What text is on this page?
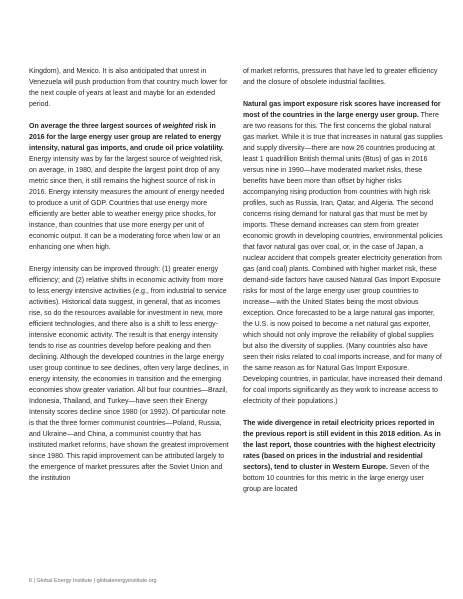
Kingdom), and Mexico. It is also anticipated that unrest in Venezuela will push production from that country much lower for the next couple of years at least and maybe for an extended period.

On average the three largest sources of weighted risk in 2016 for the large energy user group are related to energy intensity, natural gas imports, and crude oil price volatility. Energy intensity was by far the largest source of weighted risk, on average, in 1980, and despite the largest point drop of any metric since then, it still remains the highest source of risk in 2016. Energy intensity measures the amount of energy needed to produce a unit of GDP. Countries that use energy more efficiently are better able to weather energy price shocks, for instance, than countries that use more energy per unit of economic output. It can be a moderating force when low or an enhancing one when high.

Energy intensity can be improved through: (1) greater energy efficiency; and (2) relative shifts in economic activity from more to less energy intensive activities (e.g., from industrial to service activities). Historical data suggest, in general, that as incomes rise, so do the resources available for investment in new, more efficient technologies, and there also is a shift to less energy-intensive economic activity. The result is that energy intensity tends to rise as countries develop before peaking and then declining. Although the developed countries in the large energy user group continue to see declines, often very large declines, in energy intensity, the economies in transition and the emerging economies show greater variation. All but four countries—Brazil, Indonesia, Thailand, and Turkey—have seen their Energy Intensity scores decline since 1980 (or 1992). Of particular note is that the three former communist countries—Poland, Russia, and Ukraine—and China, a communist country that has instituted market reforms, have shown the greatest improvement since 1980. This rapid improvement can be attributed largely to the emergence of market pressures after the Soviet Union and the institution

of market reforms, pressures that have led to greater efficiency and the closure of obsolete industrial facilities.

Natural gas import exposure risk scores have increased for most of the countries in the large energy user group. There are two reasons for this. The first concerns the global natural gas market. While it is true that increases in natural gas supplies and supply diversity—there are now 26 countries producing at least 1 quadrillion British thermal units (Btus) of gas in 2016 versus nine in 1990—have moderated market risks, these benefits have been more than offset by higher risks accompanying rising production from countries with high risk profiles, such as Russia, Iran, Qatar, and Algeria. The second concerns rising demand for natural gas that must be met by imports. These demand increases can stem from greater economic growth in developing countries, environmental policies that favor natural gas over coal, or, in the case of Japan, a nuclear accident that compels greater electricity generation from gas (and coal) plants. Combined with higher market risk, these demand-side factors have caused Natural Gas Import Exposure risks for most of the large energy user group countries to increase—with the United States being the most obvious exception. Once forecasted to be a large natural gas importer, the U.S. is now poised to become a net natural gas exporter, which should not only improve the reliability of global supplies but also the diversity of supplies. (Many countries also have seen their risks related to coal imports increase, and for many of the same reason as for Natural Gas Import Exposure. Developing countries, in particular, have increased their demand for coal imports significantly as they work to increase access to electricity of their populations.)

The wide divergence in retail electricity prices reported in the previous report is still evident in this 2018 edition. As in the last report, those countries with the highest electricity rates (based on prices in the industrial and residential sectors), tend to cluster in Western Europe. Seven of the bottom 10 countries for this metric in the large energy user group are located

6 | Global Energy Institute | globalenergyinstitute.org
